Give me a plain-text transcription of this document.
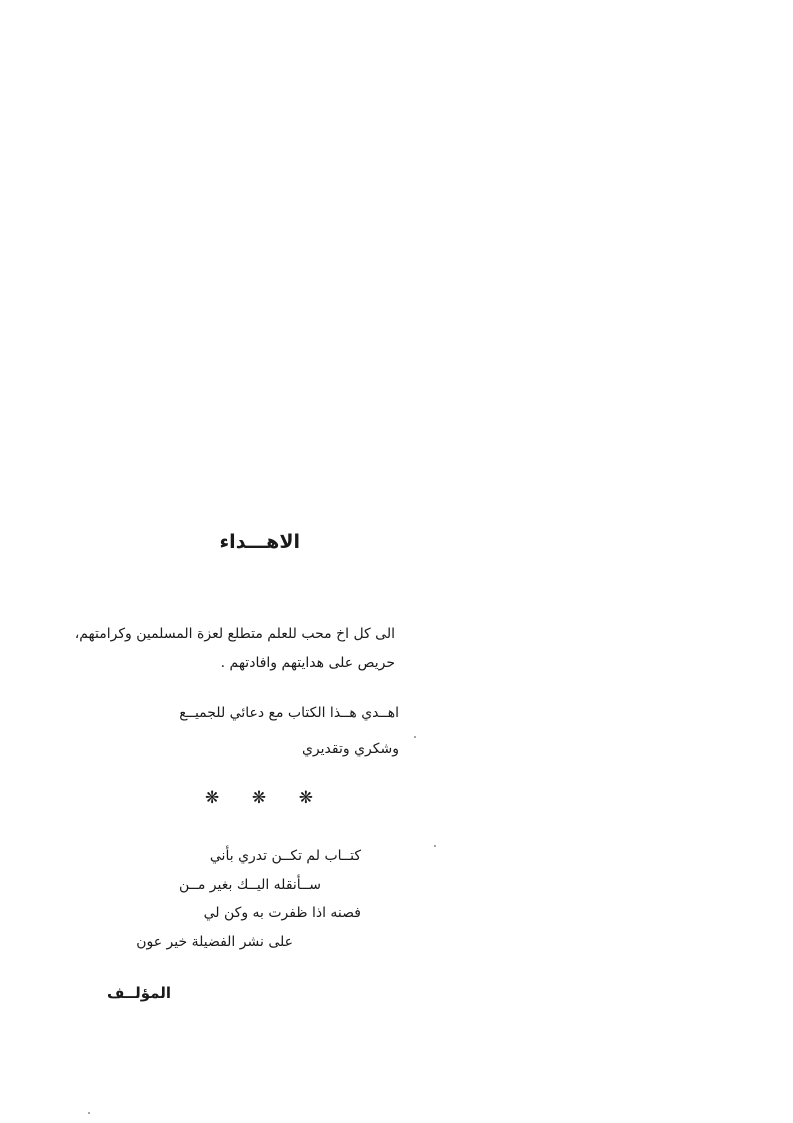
الاهـــداء
الى كل اخ محب للعلم متطلع لعزة المسلمين وكرامتهم،
حريص على هدايتهم وافادتهم .
اهــدي هــذا الكتاب مع دعائي للجميــع
وشكري وتقديري
❋ ❋ ❋
كتــاب لم تكــن تدري بأني
ســأنقله اليــك بغير مــن
فصنه اذا ظفرت به وكن لي
على نشر الفضيلة خير عون
المؤلــف
